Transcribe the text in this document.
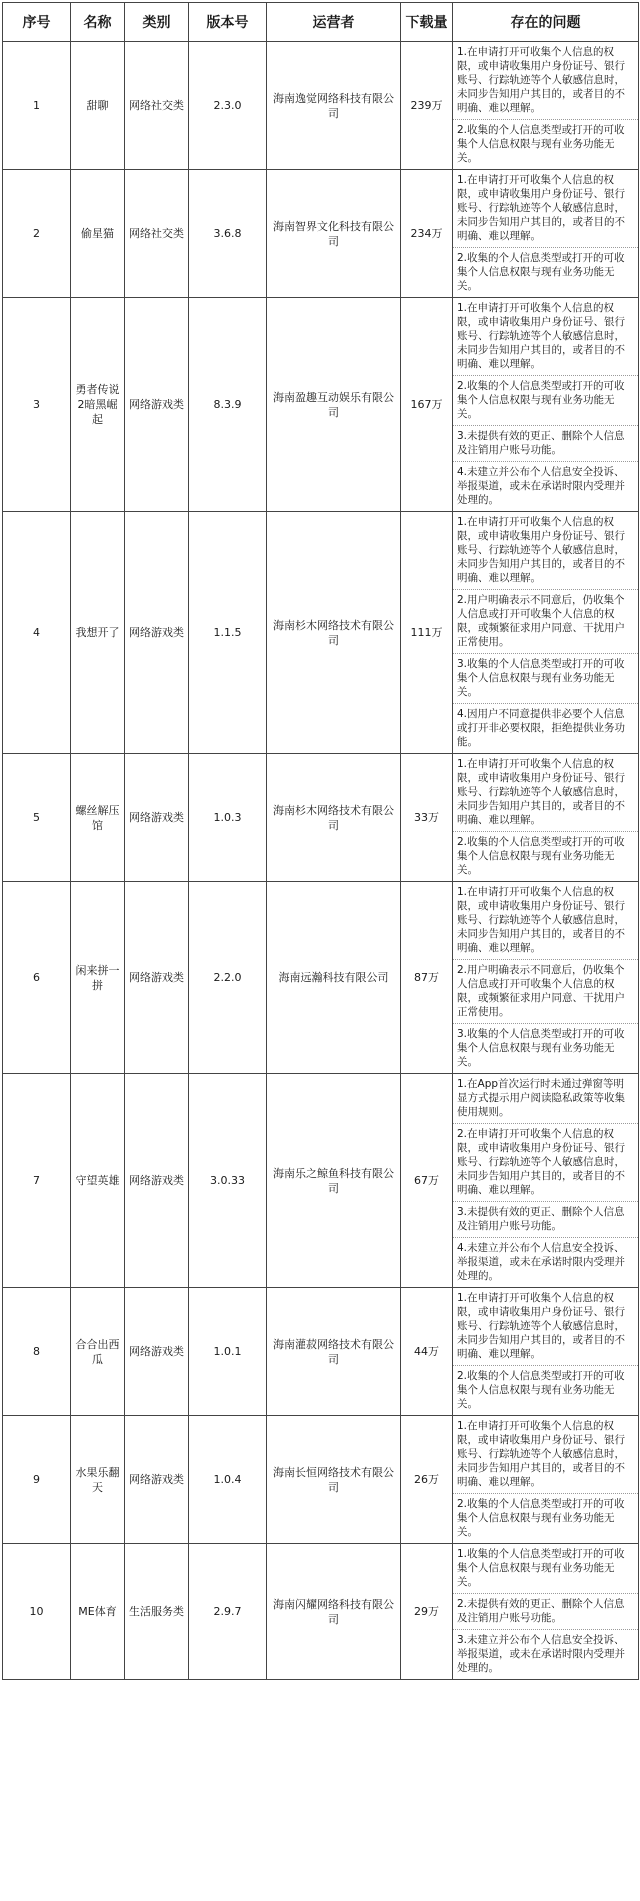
序号	名称	类别	版本号	运营者	下载量	存在的问题
1	甜聊	网络社交类	2.3.0	海南逸觉网络科技有限公司	239万	1.在申请打开可收集个人信息的权限，或申请收集用户身份证号、银行账号、行踪轨迹等个人敏感信息时，未同步告知用户其目的，或者目的不明确、难以理解。
2.收集的个人信息类型或打开的可收集个人信息权限与现有业务功能无关。

2	偷星猫	网络社交类	3.6.8	海南智界文化科技有限公司	234万	1.在申请打开可收集个人信息的权限，或申请收集用户身份证号、银行账号、行踪轨迹等个人敏感信息时，未同步告知用户其目的，或者目的不明确、难以理解。
2.收集的个人信息类型或打开的可收集个人信息权限与现有业务功能无关。

3	勇者传说2暗黑崛起	网络游戏类	8.3.9	海南盈趣互动娱乐有限公司	167万	1.在申请打开可收集个人信息的权限，或申请收集用户身份证号、银行账号、行踪轨迹等个人敏感信息时，未同步告知用户其目的，或者目的不明确、难以理解。
2.收集的个人信息类型或打开的可收集个人信息权限与现有业务功能无关。
3.未提供有效的更正、删除个人信息及注销用户账号功能。
4.未建立并公布个人信息安全投诉、举报渠道，或未在承诺时限内受理并处理的。

4	我想开了	网络游戏类	1.1.5	海南杉木网络技术有限公司	111万	1.在申请打开可收集个人信息的权限，或申请收集用户身份证号、银行账号、行踪轨迹等个人敏感信息时，未同步告知用户其目的，或者目的不明确、难以理解。
2.用户明确表示不同意后，仍收集个人信息或打开可收集个人信息的权限，或频繁征求用户同意、干扰用户正常使用。
3.收集的个人信息类型或打开的可收集个人信息权限与现有业务功能无关。
4.因用户不同意提供非必要个人信息或打开非必要权限，拒绝提供业务功能。

5	螺丝解压馆	网络游戏类	1.0.3	海南杉木网络技术有限公司	33万	1.在申请打开可收集个人信息的权限，或申请收集用户身份证号、银行账号、行踪轨迹等个人敏感信息时，未同步告知用户其目的，或者目的不明确、难以理解。
2.收集的个人信息类型或打开的可收集个人信息权限与现有业务功能无关。

6	闲来拼一拼	网络游戏类	2.2.0	海南远瀚科技有限公司	87万	1.在申请打开可收集个人信息的权限，或申请收集用户身份证号、银行账号、行踪轨迹等个人敏感信息时，未同步告知用户其目的，或者目的不明确、难以理解。
2.用户明确表示不同意后，仍收集个人信息或打开可收集个人信息的权限，或频繁征求用户同意、干扰用户正常使用。
3.收集的个人信息类型或打开的可收集个人信息权限与现有业务功能无关。

7	守望英雄	网络游戏类	3.0.33	海南乐之鲸鱼科技有限公司	67万	1.在App首次运行时未通过弹窗等明显方式提示用户阅读隐私政策等收集使用规则。
2.在申请打开可收集个人信息的权限，或申请收集用户身份证号、银行账号、行踪轨迹等个人敏感信息时，未同步告知用户其目的，或者目的不明确、难以理解。
3.未提供有效的更正、删除个人信息及注销用户账号功能。
4.未建立并公布个人信息安全投诉、举报渠道，或未在承诺时限内受理并处理的。

8	合合出西瓜	网络游戏类	1.0.1	海南灌菽网络技术有限公司	44万	1.在申请打开可收集个人信息的权限，或申请收集用户身份证号、银行账号、行踪轨迹等个人敏感信息时，未同步告知用户其目的，或者目的不明确、难以理解。
2.收集的个人信息类型或打开的可收集个人信息权限与现有业务功能无关。

9	水果乐翻天	网络游戏类	1.0.4	海南长恒网络技术有限公司	26万	1.在申请打开可收集个人信息的权限，或申请收集用户身份证号、银行账号、行踪轨迹等个人敏感信息时，未同步告知用户其目的，或者目的不明确、难以理解。
2.收集的个人信息类型或打开的可收集个人信息权限与现有业务功能无关。

10	ME体育	生活服务类	2.9.7	海南闪耀网络科技有限公司	29万	1.收集的个人信息类型或打开的可收集个人信息权限与现有业务功能无关。
2.未提供有效的更正、删除个人信息及注销用户账号功能。
3.未建立并公布个人信息安全投诉、举报渠道，或未在承诺时限内受理并处理的。
